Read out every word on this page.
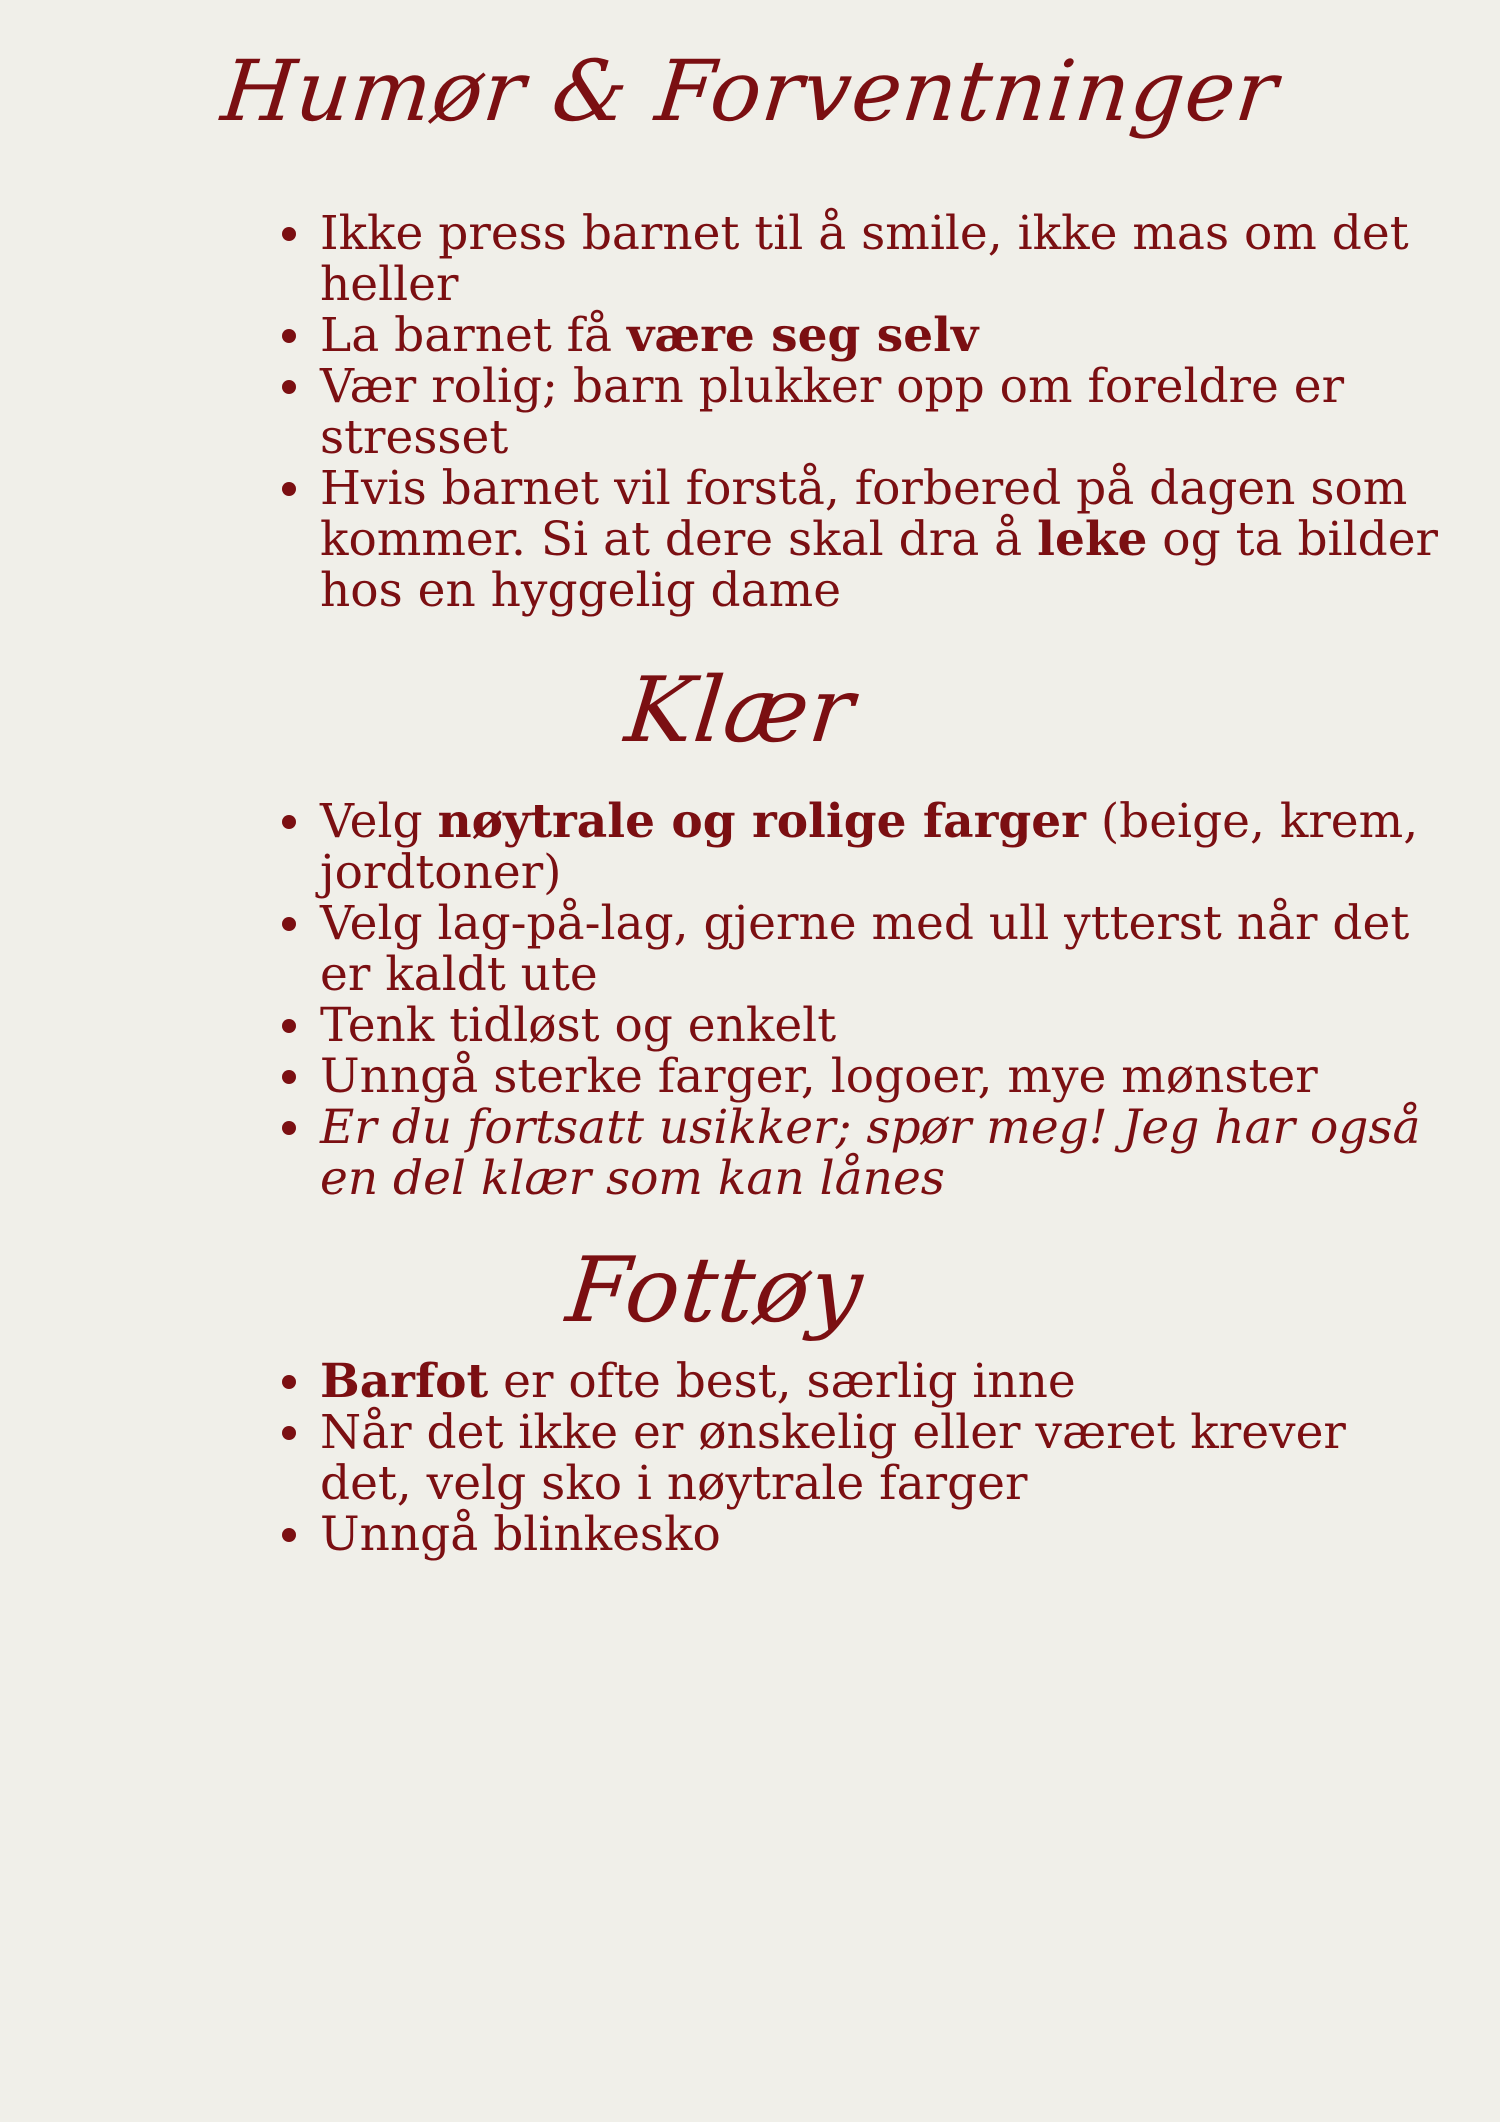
Humør & Forventninger
Ikke press barnet til å smile, ikke mas om det heller
La barnet få være seg selv
Vær rolig; barn plukker opp om foreldre er stresset
Hvis barnet vil forstå, forbered på dagen som kommer. Si at dere skal dra å leke og ta bilder hos en hyggelig dame
Klær
Velg nøytrale og rolige farger (beige, krem, jordtoner)
Velg lag-på-lag, gjerne med ull ytterst når det er kaldt ute
Tenk tidløst og enkelt
Unngå sterke farger, logoer, mye mønster
Er du fortsatt usikker; spør meg! Jeg har også en del klær som kan lånes
Fottøy
Barfot er ofte best, særlig inne
Når det ikke er ønskelig eller været krever det, velg sko i nøytrale farger
Unngå blinkesko
